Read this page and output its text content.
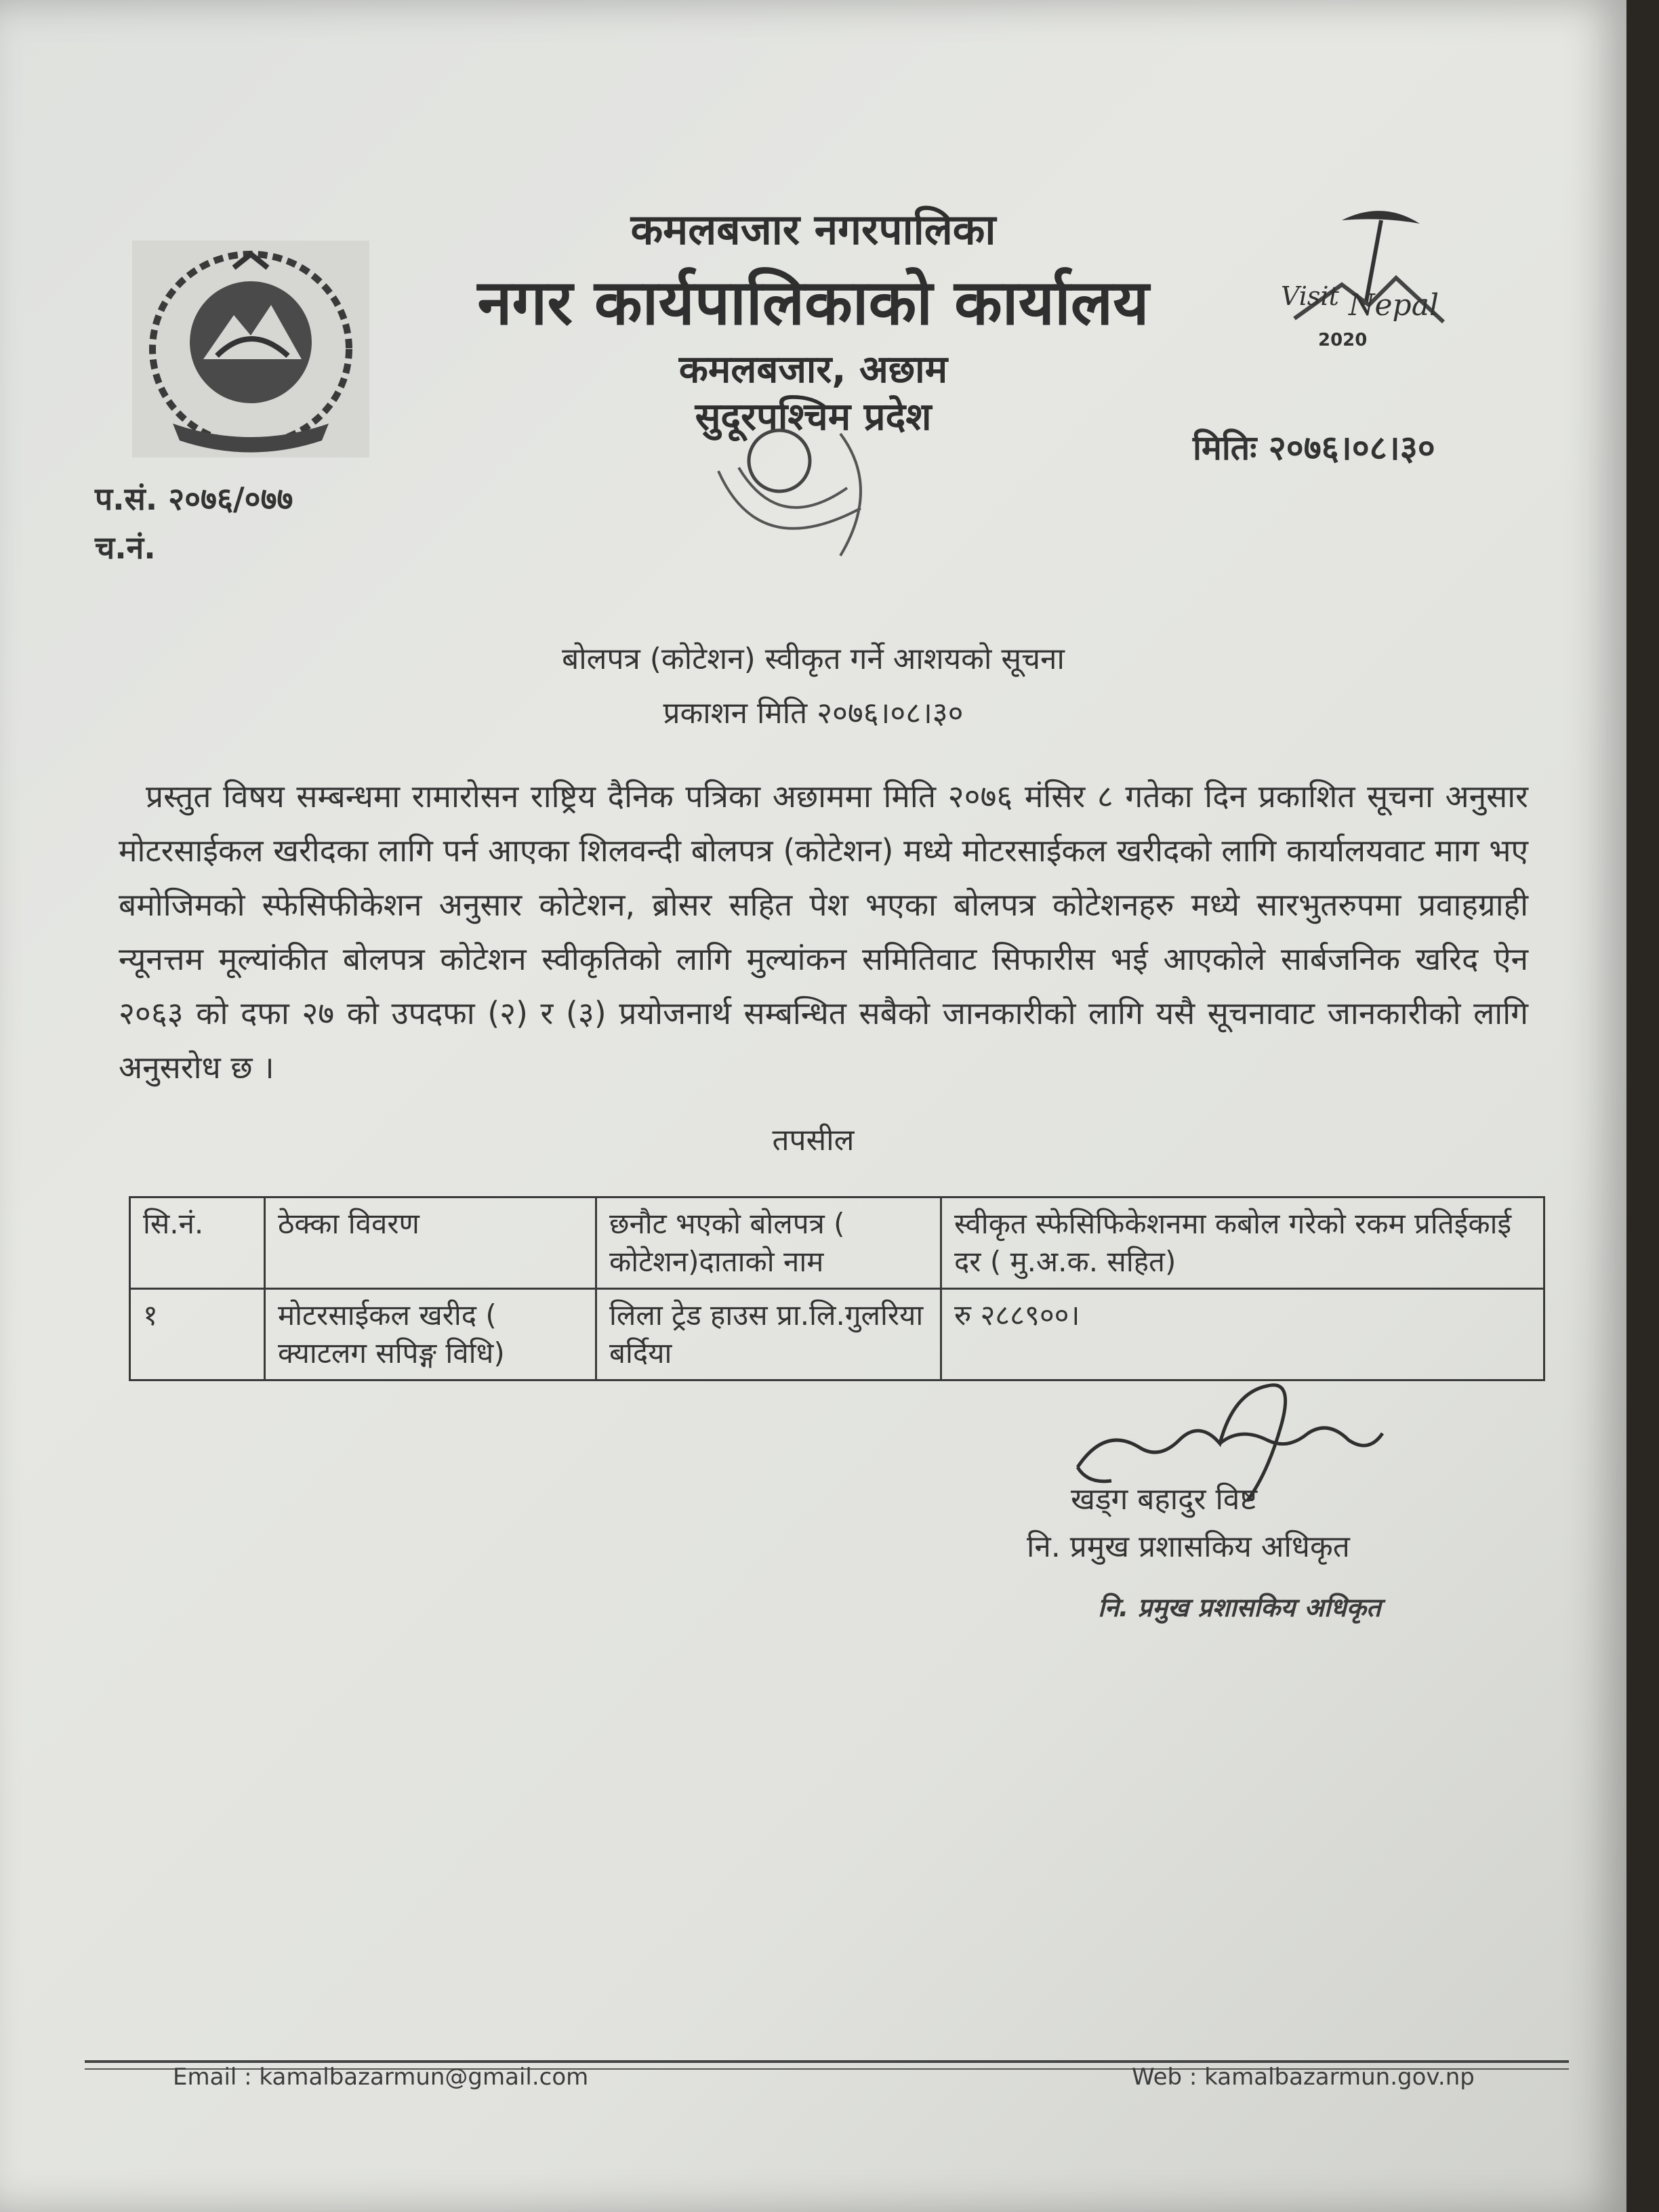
Visit Nepal
2020
कमलबजार नगरपालिका
नगर कार्यपालिकाको कार्यालय
कमलबजार, अछाम
सुदूरपश्चिम प्रदेश
प.सं. २०७६/०७७
च.नं.
मितिः २०७६।०८।३०
बोलपत्र (कोटेशन) स्वीकृत गर्ने आशयको सूचना
प्रकाशन मिति २०७६।०८।३०
प्रस्तुत विषय सम्बन्धमा रामारोसन राष्ट्रिय दैनिक पत्रिका अछाममा मिति २०७६ मंसिर ८ गतेका दिन प्रकाशित सूचना अनुसार मोटरसाईकल खरीदका लागि पर्न आएका शिलवन्दी बोलपत्र (कोटेशन) मध्ये मोटरसाईकल खरीदको लागि कार्यालयवाट माग भए बमोजिमको स्फेसिफीकेशन अनुसार कोटेशन, ब्रोसर सहित पेश भएका बोलपत्र कोटेशनहरु मध्ये सारभुतरुपमा प्रवाहग्राही न्यूनत्तम मूल्यांकीत बोलपत्र कोटेशन स्वीकृतिको लागि मुल्यांकन समितिवाट सिफारीस भई आएकोले सार्बजनिक खरिद ऐन २०६३ को दफा २७ को उपदफा (२) र (३) प्रयोजनार्थ सम्बन्धित सबैको जानकारीको लागि यसै सूचनावाट जानकारीको लागि अनुसरोध छ ।
तपसील
सि.नं.	ठेक्का विवरण	छनौट भएको बोलपत्र ( कोटेशन)दाताको नाम	स्वीकृत स्फेसिफिकेशनमा कबोल गरेको रकम प्रतिईकाई दर ( मु.अ.क. सहित)
१	मोटरसाईकल खरीद ( क्याटलग सपिङ्ग विधि)	लिला ट्रेड हाउस प्रा.लि.गुलरिया बर्दिया	रु २८८९००।
खड्ग बहादुर विष्ट
नि. प्रमुख प्रशासकिय अधिकृत
नि. प्रमुख प्रशासकिय अधिकृत
Email : kamalbazarmun@gmail.com	Web : kamalbazarmun.gov.np
